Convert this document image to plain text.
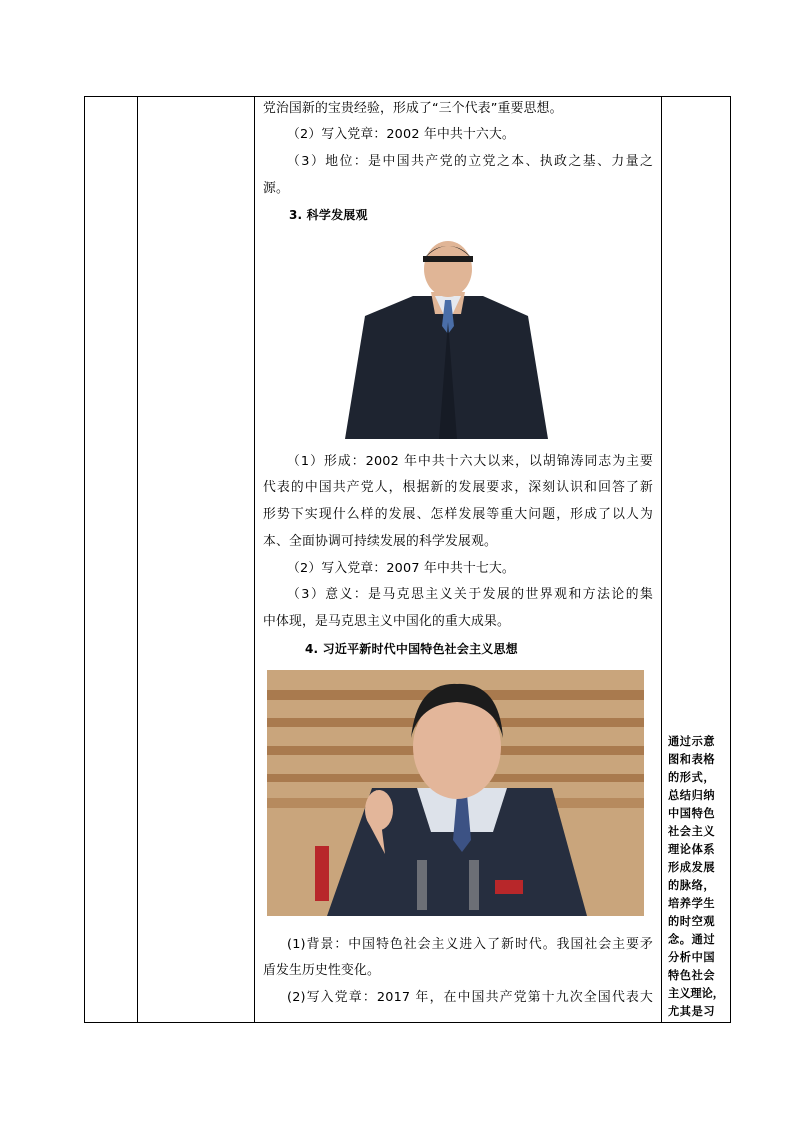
党治国新的宝贵经验，形成了“三个代表”重要思想。
（2）写入党章：2002 年中共十六大。
（3）地位：是中国共产党的立党之本、执政之基、力量之
源。
3. 科学发展观
（1）形成：2002 年中共十六大以来，以胡锦涛同志为主要
代表的中国共产党人，根据新的发展要求，深刻认识和回答了新
形势下实现什么样的发展、怎样发展等重大问题，形成了以人为
本、全面协调可持续发展的科学发展观。
（2）写入党章：2007 年中共十七大。
（3）意义：是马克思主义关于发展的世界观和方法论的集
中体现，是马克思主义中国化的重大成果。
4. 习近平新时代中国特色社会主义思想
(1)背景：中国特色社会主义进入了新时代。我国社会主要矛
盾发生历史性变化。
(2)写入党章：2017 年，在中国共产党第十九次全国代表大
通过示意
图和表格
的形式，
总结归纳
中国特色
社会主义
理论体系
形成发展
的脉络，
培养学生
的时空观
念。通过
分析中国
特色社会
主义理论，
尤其是习
